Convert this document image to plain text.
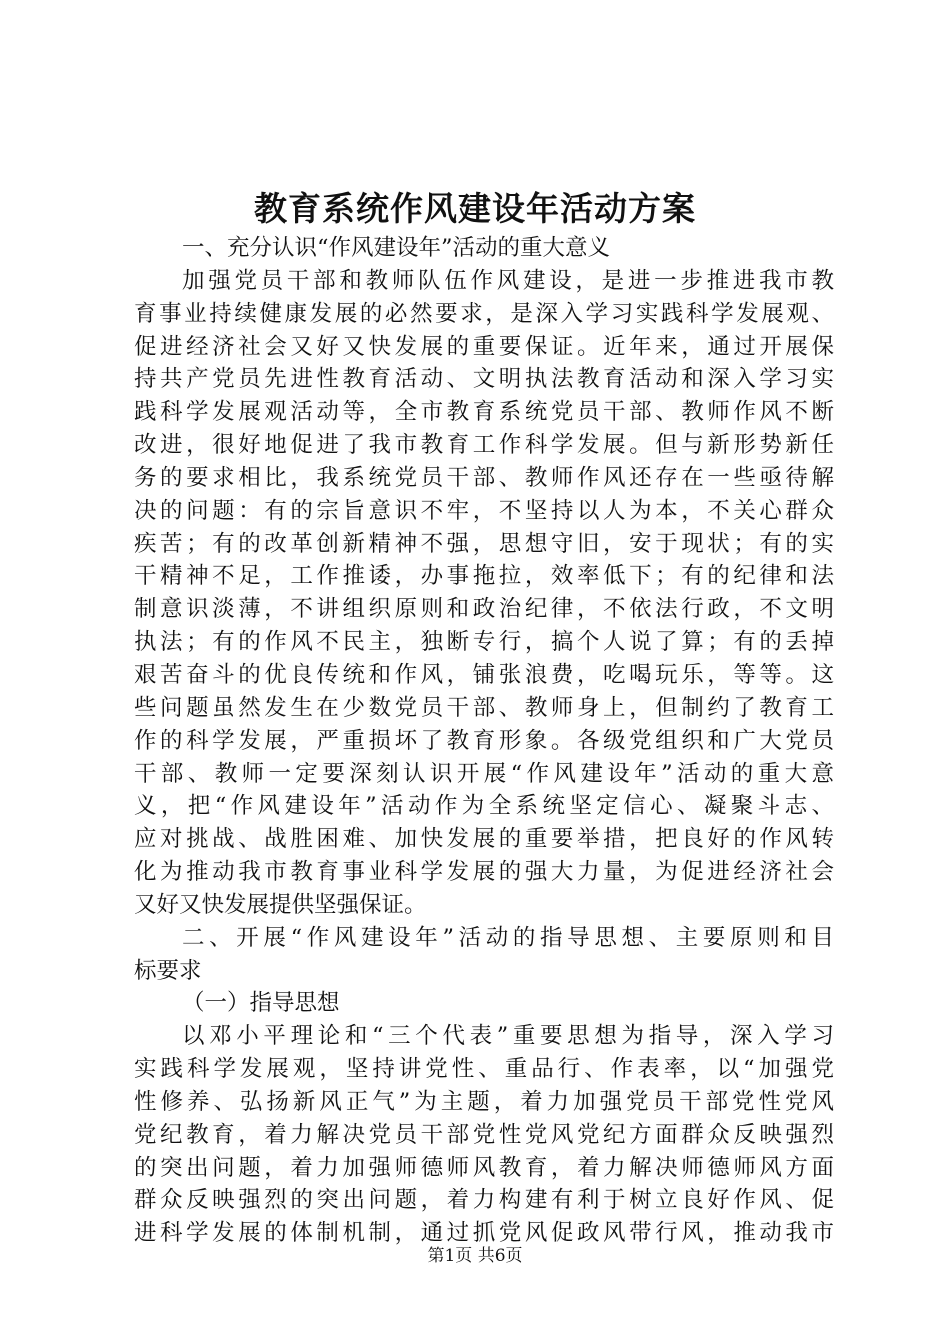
教育系统作风建设年活动方案
一、充分认识“作风建设年”活动的重大意义
加强党员干部和教师队伍作风建设，是进一步推进我市教
育事业持续健康发展的必然要求，是深入学习实践科学发展观、
促进经济社会又好又快发展的重要保证。近年来，通过开展保
持共产党员先进性教育活动、文明执法教育活动和深入学习实
践科学发展观活动等，全市教育系统党员干部、教师作风不断
改进，很好地促进了我市教育工作科学发展。但与新形势新任
务的要求相比，我系统党员干部、教师作风还存在一些亟待解
决的问题：有的宗旨意识不牢，不坚持以人为本，不关心群众
疾苦；有的改革创新精神不强，思想守旧，安于现状；有的实
干精神不足，工作推诿，办事拖拉，效率低下；有的纪律和法
制意识淡薄，不讲组织原则和政治纪律，不依法行政，不文明
执法；有的作风不民主，独断专行，搞个人说了算；有的丢掉
艰苦奋斗的优良传统和作风，铺张浪费，吃喝玩乐，等等。这
些问题虽然发生在少数党员干部、教师身上，但制约了教育工
作的科学发展，严重损坏了教育形象。各级党组织和广大党员
干部、教师一定要深刻认识开展“作风建设年”活动的重大意
义，把“作风建设年”活动作为全系统坚定信心、凝聚斗志、
应对挑战、战胜困难、加快发展的重要举措，把良好的作风转
化为推动我市教育事业科学发展的强大力量，为促进经济社会
又好又快发展提供坚强保证。
二、开展“作风建设年”活动的指导思想、主要原则和目
标要求
（一）指导思想
以邓小平理论和“三个代表”重要思想为指导，深入学习
实践科学发展观，坚持讲党性、重品行、作表率，以“加强党
性修养、弘扬新风正气”为主题，着力加强党员干部党性党风
党纪教育，着力解决党员干部党性党风党纪方面群众反映强烈
的突出问题，着力加强师德师风教育，着力解决师德师风方面
群众反映强烈的突出问题，着力构建有利于树立良好作风、促
进科学发展的体制机制，通过抓党风促政风带行风，推动我市
第1页 共6页
